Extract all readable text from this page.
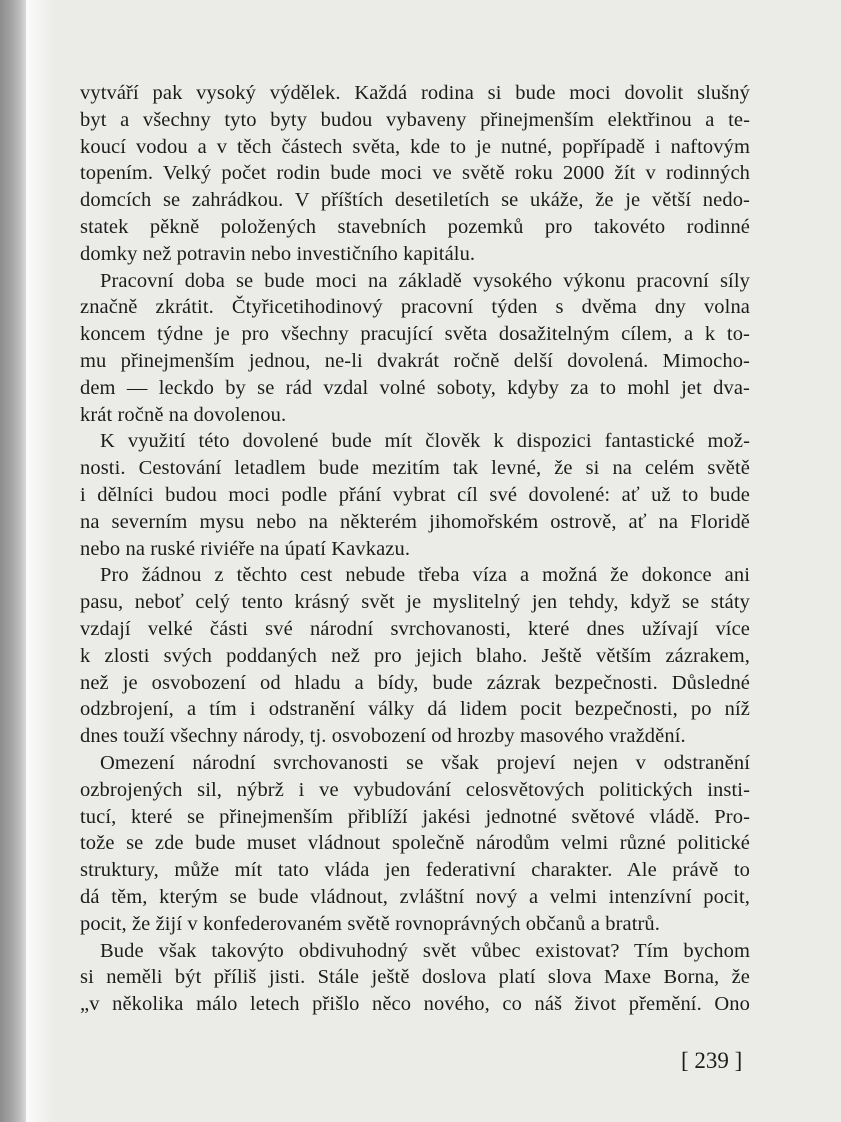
vytváří pak vysoký výdělek. Každá rodina si bude moci dovolit slušný
byt a všechny tyto byty budou vybaveny přinejmenším elektřinou a te-
koucí vodou a v těch částech světa, kde to je nutné, popřípadě i naftovým
topením. Velký počet rodin bude moci ve světě roku 2000 žít v rodinných
domcích se zahrádkou. V příštích desetiletích se ukáže, že je větší nedo-
statek pěkně položených stavebních pozemků pro takovéto rodinné
domky než potravin nebo investičního kapitálu.
Pracovní doba se bude moci na základě vysokého výkonu pracovní síly
značně zkrátit. Čtyřicetihodinový pracovní týden s dvěma dny volna
koncem týdne je pro všechny pracující světa dosažitelným cílem, a k to-
mu přinejmenším jednou, ne-li dvakrát ročně delší dovolená. Mimocho-
dem — leckdo by se rád vzdal volné soboty, kdyby za to mohl jet dva-
krát ročně na dovolenou.
K využití této dovolené bude mít člověk k dispozici fantastické mož-
nosti. Cestování letadlem bude mezitím tak levné, že si na celém světě
i dělníci budou moci podle přání vybrat cíl své dovolené: ať už to bude
na severním mysu nebo na některém jihomořském ostrově, ať na Floridě
nebo na ruské riviéře na úpatí Kavkazu.
Pro žádnou z těchto cest nebude třeba víza a možná že dokonce ani
pasu, neboť celý tento krásný svět je myslitelný jen tehdy, když se státy
vzdají velké části své národní svrchovanosti, které dnes užívají více
k zlosti svých poddaných než pro jejich blaho. Ještě větším zázrakem,
než je osvobození od hladu a bídy, bude zázrak bezpečnosti. Důsledné
odzbrojení, a tím i odstranění války dá lidem pocit bezpečnosti, po níž
dnes touží všechny národy, tj. osvobození od hrozby masového vraždění.
Omezení národní svrchovanosti se však projeví nejen v odstranění
ozbrojených sil, nýbrž i ve vybudování celosvětových politických insti-
tucí, které se přinejmenším přiblíží jakési jednotné světové vládě. Pro-
tože se zde bude muset vládnout společně národům velmi různé politické
struktury, může mít tato vláda jen federativní charakter. Ale právě to
dá těm, kterým se bude vládnout, zvláštní nový a velmi intenzívní pocit,
pocit, že žijí v konfederovaném světě rovnoprávných občanů a bratrů.
Bude však takovýto obdivuhodný svět vůbec existovat? Tím bychom
si neměli být příliš jisti. Stále ještě doslova platí slova Maxe Borna, že
„v několika málo letech přišlo něco nového, co náš život přemění. Ono
[ 239 ]
